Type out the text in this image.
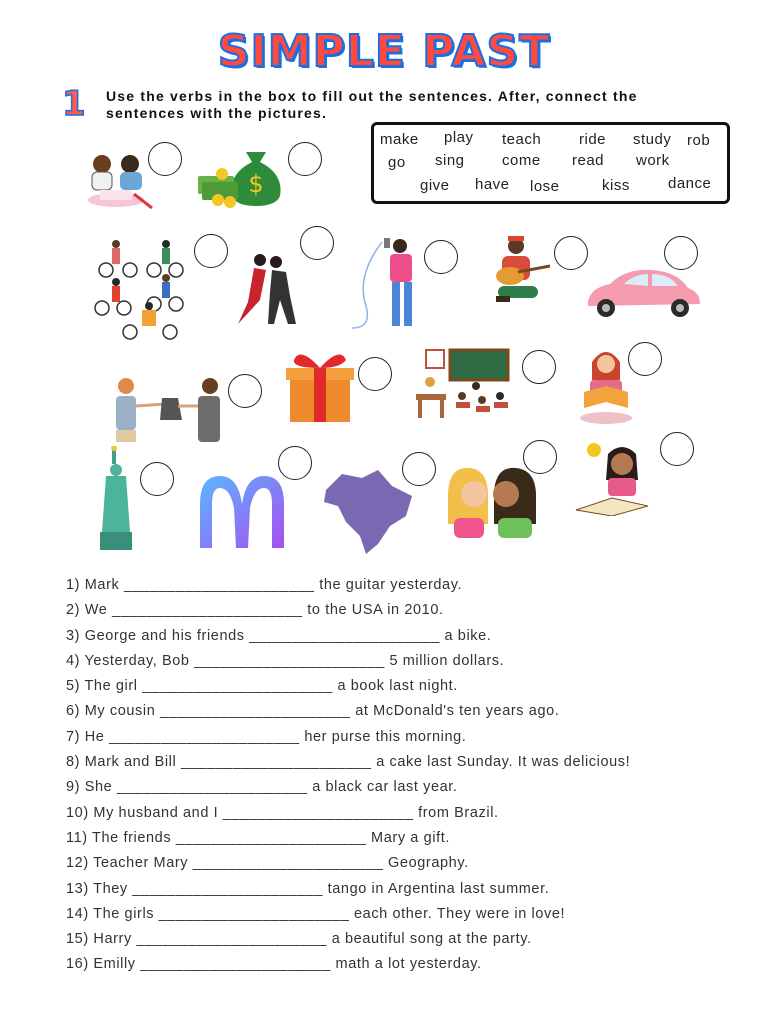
SIMPLE PAST
1 Use the verbs in the box to fill out the sentences. After, connect the sentences with the pictures.
make play teach	ride study rob
go sing come read work
give have lose	kiss	dance
$
1) Mark ______________________ the guitar yesterday.
2) We ______________________ to the USA in 2010.
3) George and his friends ______________________ a bike.
4) Yesterday, Bob ______________________ 5 million dollars.
5) The girl ______________________ a book last night.
6) My cousin ______________________ at McDonald's ten years ago.
7) He ______________________ her purse this morning.
8) Mark and Bill ______________________ a cake last Sunday. It was delicious!
9) She ______________________ a black car last year.
10) My husband and I ______________________ from Brazil.
11) The friends ______________________ Mary a gift.
12) Teacher Mary ______________________ Geography.
13) They ______________________ tango in Argentina last summer.
14) The girls ______________________ each other. They were in love!
15) Harry ______________________ a beautiful song at the party.
16) Emilly ______________________ math a lot yesterday.
